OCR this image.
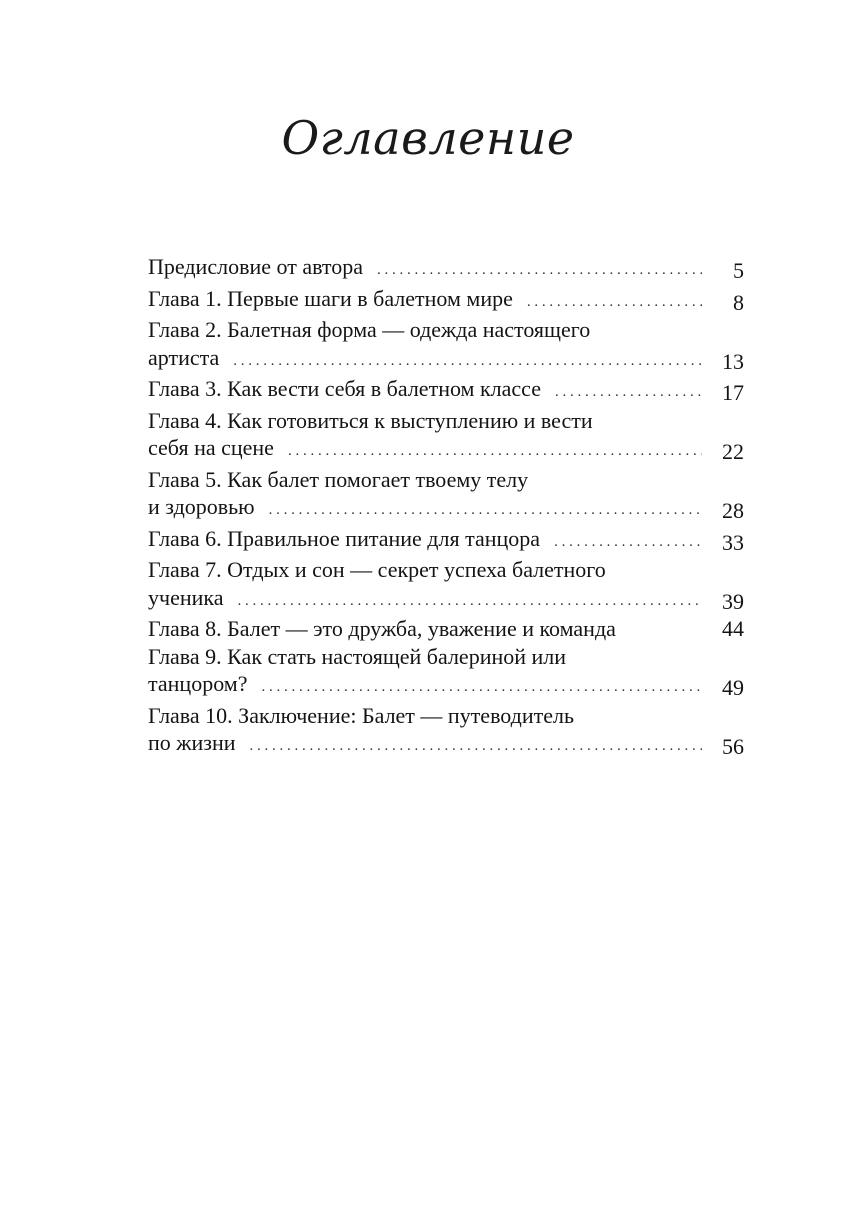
Оглавление
Предисловие от автора . . .	5
Глава 1. Первые шаги в балетном мире . . .	8
Глава 2. Балетная форма — одежда настоящего
артиста . . .	13
Глава 3. Как вести себя в балетном классе . . .	17
Глава 4. Как готовиться к выступлению и вести
себя на сцене . . .	22
Глава 5. Как балет помогает твоему телу
и здоровью . . .	28
Глава 6. Правильное питание для танцора . . .	33
Глава 7. Отдых и сон — секрет успеха балетного
ученика . . .	39
Глава 8. Балет — это дружба, уважение и команда	44
Глава 9. Как стать настоящей балериной или
танцором? . . .	49
Глава 10. Заключение: Балет — путеводитель
по жизни . . .	56
